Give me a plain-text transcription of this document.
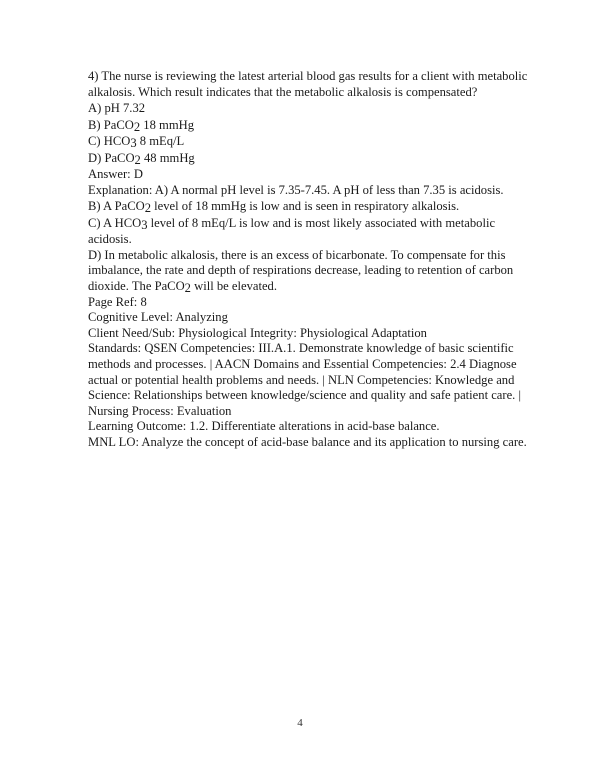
4) The nurse is reviewing the latest arterial blood gas results for a client with metabolic alkalosis. Which result indicates that the metabolic alkalosis is compensated?

A) pH 7.32

B) PaCO$_2$ 18 mmHg

C) $HCO_3$ 8 mEq/L

D) PaCO$_2$ 48 mmHg

Answer: D

Explanation: A) A normal pH level is 7.35-7.45. A pH of less than 7.35 is acidosis.

B) A PaCO$_2$ level of 18 mmHg is low and is seen in respiratory alkalosis.

C) A $HCO_3$ level of 8 mEq/L is low and is most likely associated with metabolic acidosis.

D) In metabolic alkalosis, there is an excess of bicarbonate. To compensate for this imbalance, the rate and depth of respirations decrease, leading to retention of carbon dioxide. The PaCO$_2$ will be elevated.

Page Ref: 8

Cognitive Level: Analyzing

Client Need/Sub: Physiological Integrity: Physiological Adaptation

Standards: QSEN Competencies: III.A.1. Demonstrate knowledge of basic scientific methods and processes. | AACN Domains and Essential Competencies: 2.4 Diagnose actual or potential health problems and needs. | NLN Competencies: Knowledge and Science: Relationships between knowledge/science and quality and safe patient care. | Nursing Process: Evaluation

Learning Outcome: 1.2. Differentiate alterations in acid-base balance.

MNL LO: Analyze the concept of acid-base balance and its application to nursing care.

4
